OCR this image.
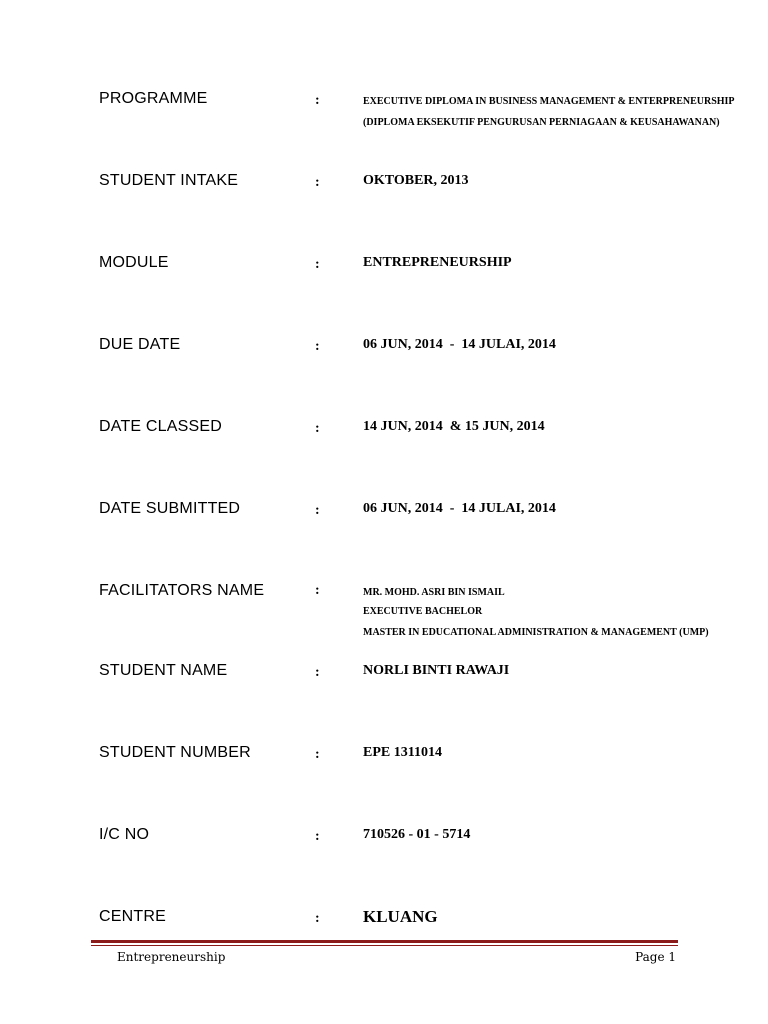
PROGRAMME	:	EXECUTIVE DIPLOMA IN BUSINESS MANAGEMENT & ENTERPRENEURSHIP
(DIPLOMA EKSEKUTIF PENGURUSAN PERNIAGAAN & KEUSAHAWANAN)
STUDENT INTAKE	:	OKTOBER, 2013
MODULE	:	ENTREPRENEURSHIP
DUE DATE	:	06 JUN, 2014  -  14 JULAI, 2014
DATE CLASSED	:	14 JUN, 2014  & 15 JUN, 2014
DATE SUBMITTED	:	06 JUN, 2014  -  14 JULAI, 2014
FACILITATORS NAME	:	MR. MOHD. ASRI BIN ISMAIL
EXECUTIVE BACHELOR
MASTER IN EDUCATIONAL ADMINISTRATION & MANAGEMENT (UMP)
STUDENT NAME	:	NORLI BINTI RAWAJI
STUDENT NUMBER	:	EPE 1311014
I/C NO	:	710526 - 01 - 5714
CENTRE	:	KLUANG
Entrepreneurship	Page 1
